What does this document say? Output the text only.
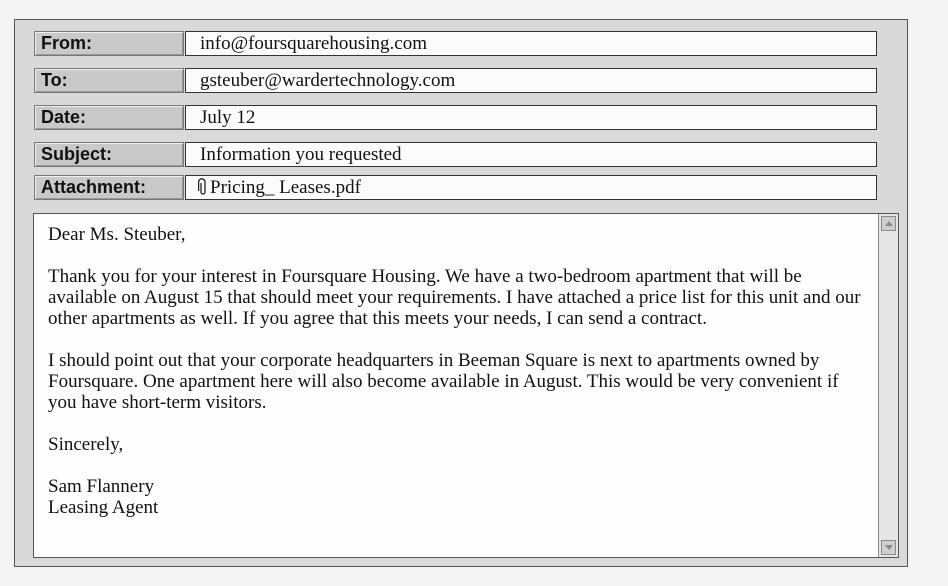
From:	info@foursquarehousing.com
To:	gsteuber@wardertechnology.com
Date:	July 12
Subject:	Information you requested
Attachment:	Pricing_ Leases.pdf

Dear Ms. Steuber,

Thank you for your interest in Foursquare Housing. We have a two-bedroom apartment that will be available on August 15 that should meet your requirements. I have attached a price list for this unit and our other apartments as well. If you agree that this meets your needs, I can send a contract.

I should point out that your corporate headquarters in Beeman Square is next to apartments owned by Foursquare. One apartment here will also become available in August. This would be very convenient if you have short-term visitors.

Sincerely,

Sam Flannery

Leasing Agent
